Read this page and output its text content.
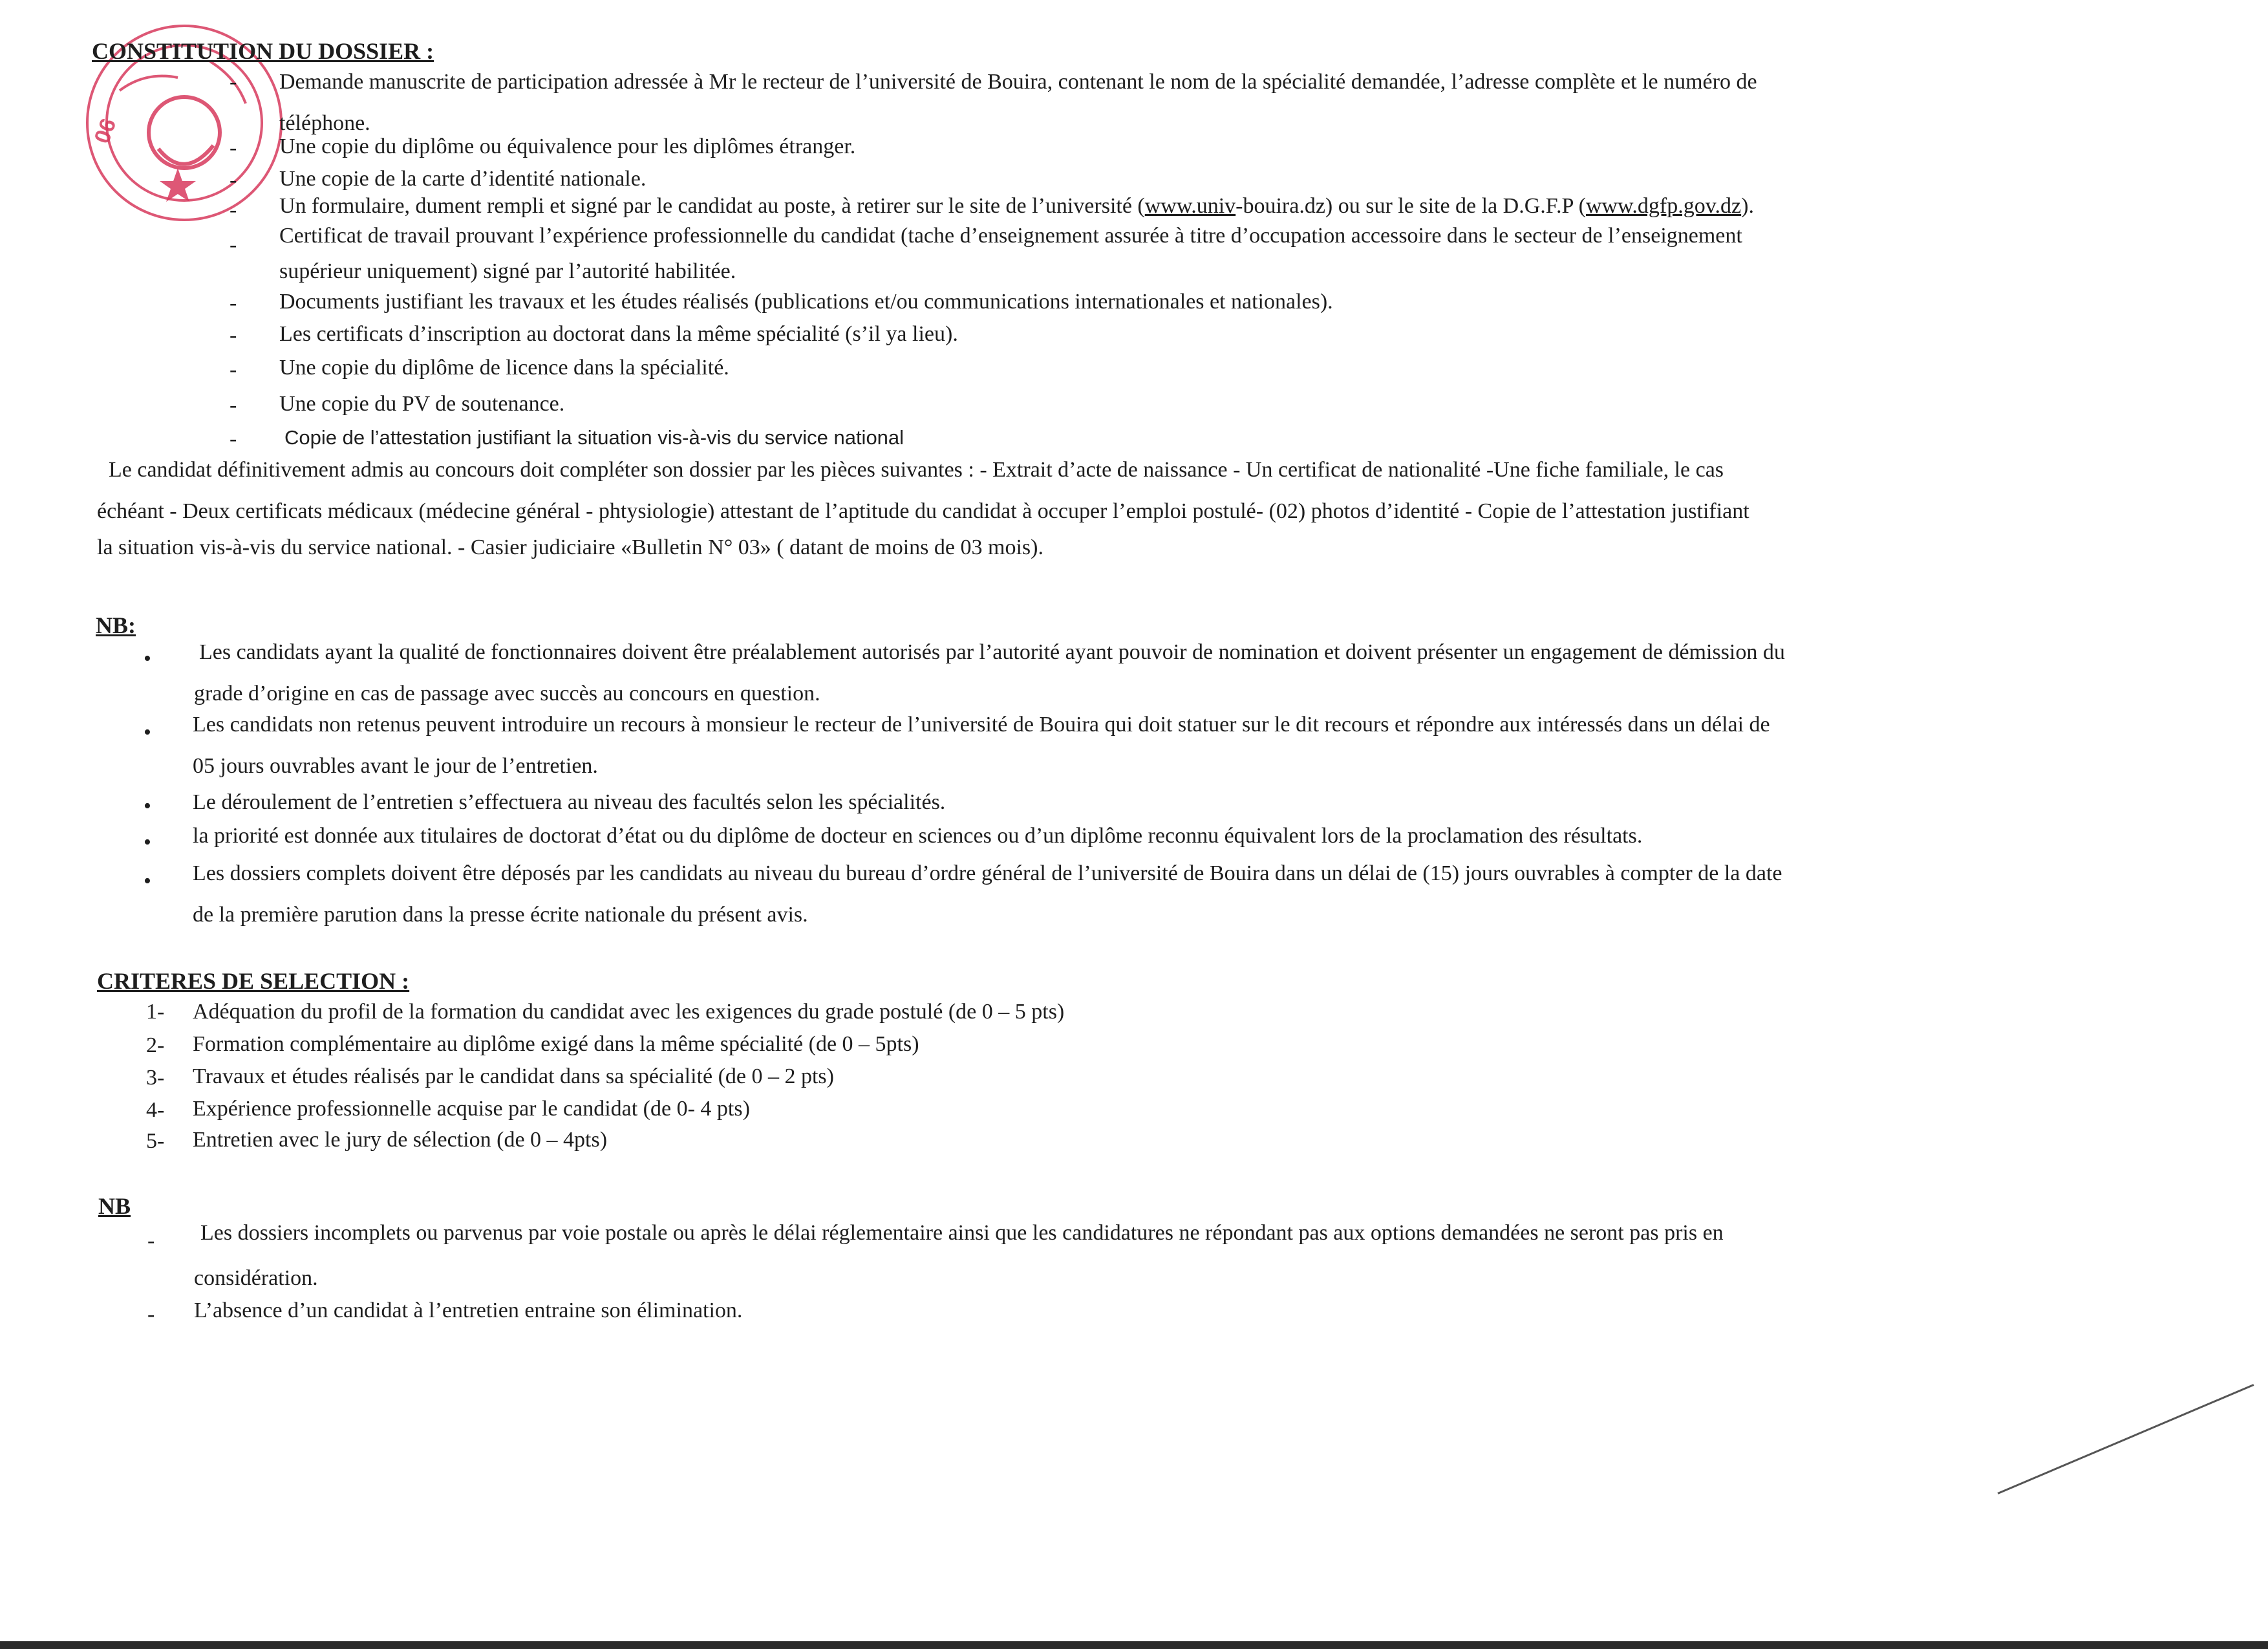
06
CONSTITUTION DU DOSSIER :
- Demande manuscrite de participation adressée à Mr le recteur de l’université de Bouira, contenant le nom de la spécialité demandée, l’adresse complète et le numéro de
téléphone.
- Une copie du diplôme ou équivalence pour les diplômes étranger.
- Une copie de la carte d’identité nationale.
- Un formulaire, dument rempli et signé par le candidat au poste, à retirer sur le site de l’université (www.univ-bouira.dz) ou sur le site de la D.G.F.P (www.dgfp.gov.dz).
- Certificat de travail prouvant l’expérience professionnelle du candidat (tache d’enseignement assurée à titre d’occupation accessoire dans le secteur de l’enseignement
supérieur uniquement) signé par l’autorité habilitée.
- Documents justifiant les travaux et les études réalisés (publications et/ou communications internationales et nationales).
- Les certificats d’inscription au doctorat dans la même spécialité (s’il ya lieu).
- Une copie du diplôme de licence dans la spécialité.
- Une copie du PV de soutenance.
- Copie de l’attestation justifiant la situation vis-à-vis du service national
Le candidat définitivement admis au concours doit compléter son dossier par les pièces suivantes : - Extrait d’acte de naissance - Un certificat de nationalité -Une fiche familiale, le cas
échéant - Deux certificats médicaux (médecine général - phtysiologie) attestant de l’aptitude du candidat à occuper l’emploi postulé- (02) photos d’identité - Copie de l’attestation justifiant
la situation vis-à-vis du service national. - Casier judiciaire «Bulletin N° 03» ( datant de moins de 03 mois).
NB:
• Les candidats ayant la qualité de fonctionnaires doivent être préalablement autorisés par l’autorité ayant pouvoir de nomination et doivent présenter un engagement de démission du
grade d’origine en cas de passage avec succès au concours en question.
• Les candidats non retenus peuvent introduire un recours à monsieur le recteur de l’université de Bouira qui doit statuer sur le dit recours et répondre aux intéressés dans un délai de
05 jours ouvrables avant le jour de l’entretien.
• Le déroulement de l’entretien s’effectuera au niveau des facultés selon les spécialités.
• la priorité est donnée aux titulaires de doctorat d’état ou du diplôme de docteur en sciences ou d’un diplôme reconnu équivalent lors de la proclamation des résultats.
• Les dossiers complets doivent être déposés par les candidats au niveau du bureau d’ordre général de l’université de Bouira dans un délai de (15) jours ouvrables à compter de la date
de la première parution dans la presse écrite nationale du présent avis.
CRITERES DE SELECTION :
1- Adéquation du profil de la formation du candidat avec les exigences du grade postulé (de 0 – 5 pts)
2- Formation complémentaire au diplôme exigé dans la même spécialité (de 0 – 5pts)
3- Travaux et études réalisés par le candidat dans sa spécialité (de 0 – 2 pts)
4- Expérience professionnelle acquise par le candidat (de 0- 4 pts)
5- Entretien avec le jury de sélection (de 0 – 4pts)
NB
- Les dossiers incomplets ou parvenus par voie postale ou après le délai réglementaire ainsi que les candidatures ne répondant pas aux options demandées ne seront pas pris en
considération.
- L’absence d’un candidat à l’entretien entraine son élimination.
